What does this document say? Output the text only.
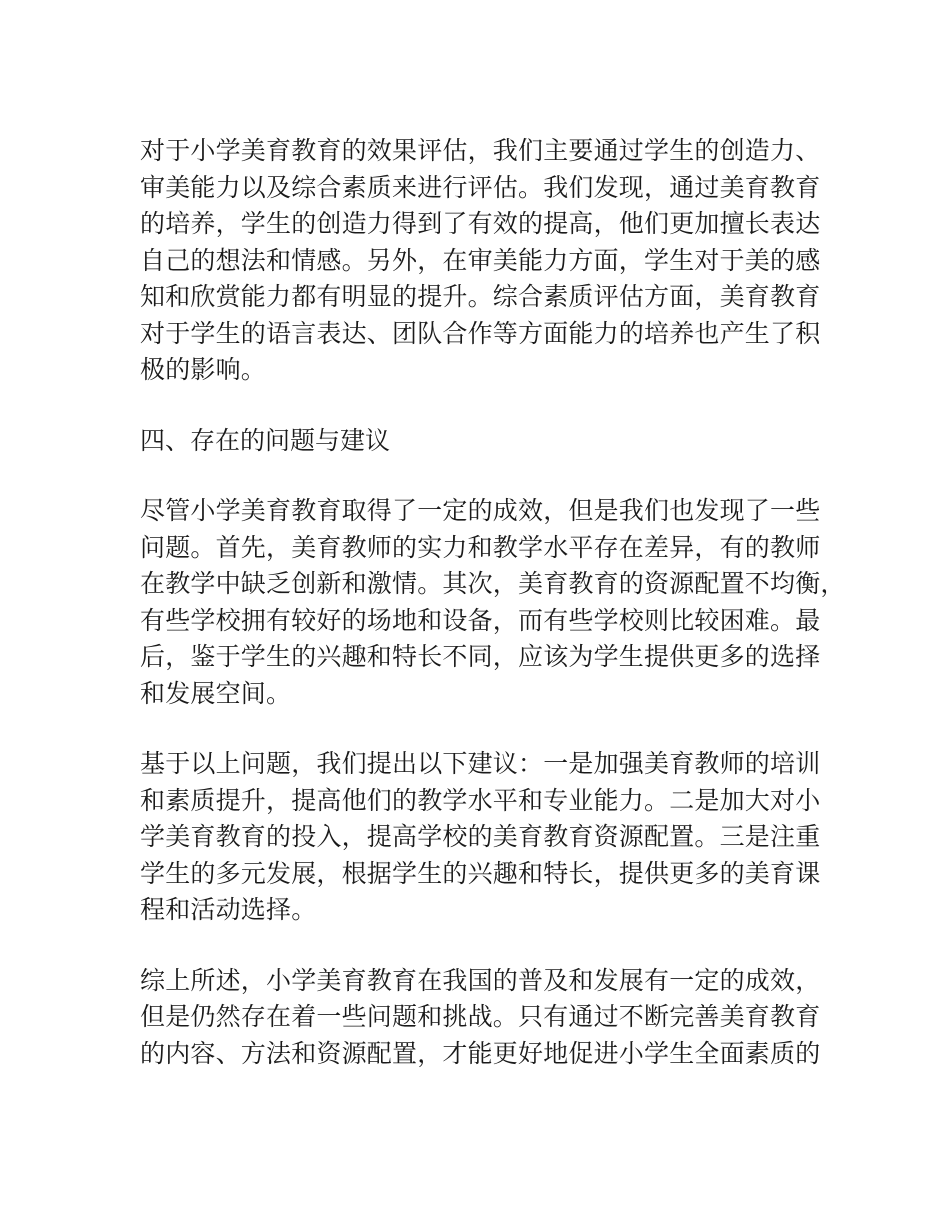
对于小学美育教育的效果评估，我们主要通过学生的创造力、
审美能力以及综合素质来进行评估。我们发现，通过美育教育
的培养，学生的创造力得到了有效的提高，他们更加擅长表达
自己的想法和情感。另外，在审美能力方面，学生对于美的感
知和欣赏能力都有明显的提升。综合素质评估方面，美育教育
对于学生的语言表达、团队合作等方面能力的培养也产生了积
极的影响。

四、存在的问题与建议

尽管小学美育教育取得了一定的成效，但是我们也发现了一些
问题。首先，美育教师的实力和教学水平存在差异，有的教师
在教学中缺乏创新和激情。其次，美育教育的资源配置不均衡，
有些学校拥有较好的场地和设备，而有些学校则比较困难。最
后，鉴于学生的兴趣和特长不同，应该为学生提供更多的选择
和发展空间。

基于以上问题，我们提出以下建议：一是加强美育教师的培训
和素质提升，提高他们的教学水平和专业能力。二是加大对小
学美育教育的投入，提高学校的美育教育资源配置。三是注重
学生的多元发展，根据学生的兴趣和特长，提供更多的美育课
程和活动选择。

综上所述，小学美育教育在我国的普及和发展有一定的成效，
但是仍然存在着一些问题和挑战。只有通过不断完善美育教育
的内容、方法和资源配置，才能更好地促进小学生全面素质的
